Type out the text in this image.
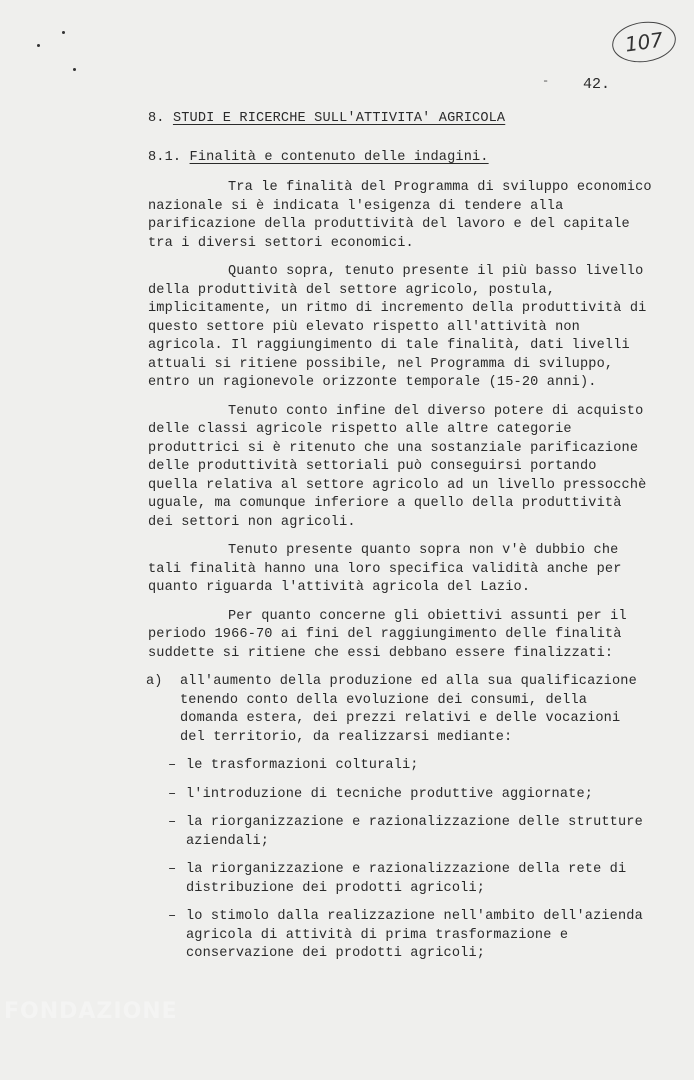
107
- 42.
8. STUDI E RICERCHE SULL'ATTIVITA' AGRICOLA
8.1. Finalità e contenuto delle indagini.

Tra le finalità del Programma di sviluppo economico nazionale si è indicata l'esigenza di tendere alla parificazione della produttività del lavoro e del capitale tra i diversi settori economici.

Quanto sopra, tenuto presente il più basso livello della produttività del settore agricolo, postula, implicitamente, un ritmo di incremento della produttività di questo settore più elevato rispetto all'attività non agricola. Il raggiungimento di tale finalità, dati livelli attuali si ritiene possibile, nel Programma di sviluppo, entro un ragionevole orizzonte temporale (15-20 anni).

Tenuto conto infine del diverso potere di acquisto delle classi agricole rispetto alle altre categorie produttrici si è ritenuto che una sostanziale parificazione delle produttività settoriali può conseguirsi portando quella relativa al settore agricolo ad un livello pressocchè uguale, ma comunque inferiore a quello della produttività dei settori non agricoli.

Tenuto presente quanto sopra non v'è dubbio che tali finalità hanno una loro specifica validità anche per quanto riguarda l'attività agricola del Lazio.

Per quanto concerne gli obiettivi assunti per il periodo 1966-70 ai fini del raggiungimento delle finalità suddette si ritiene che essi debbano essere finalizzati:

a)	all'aumento della produzione ed alla sua qualificazione tenendo conto della evoluzione dei consumi, della domanda estera, dei prezzi relativi e delle vocazioni del territorio, da realizzarsi mediante:
– le trasformazioni colturali;
– l'introduzione di tecniche produttive aggiornate;
– la riorganizzazione e razionalizzazione delle strutture aziendali;
– la riorganizzazione e razionalizzazione della rete di distribuzione dei prodotti agricoli;
– lo stimolo dalla realizzazione nell'ambito dell'azienda agricola di attività di prima trasformazione e conservazione dei prodotti agricoli;
FONDAZIONE
